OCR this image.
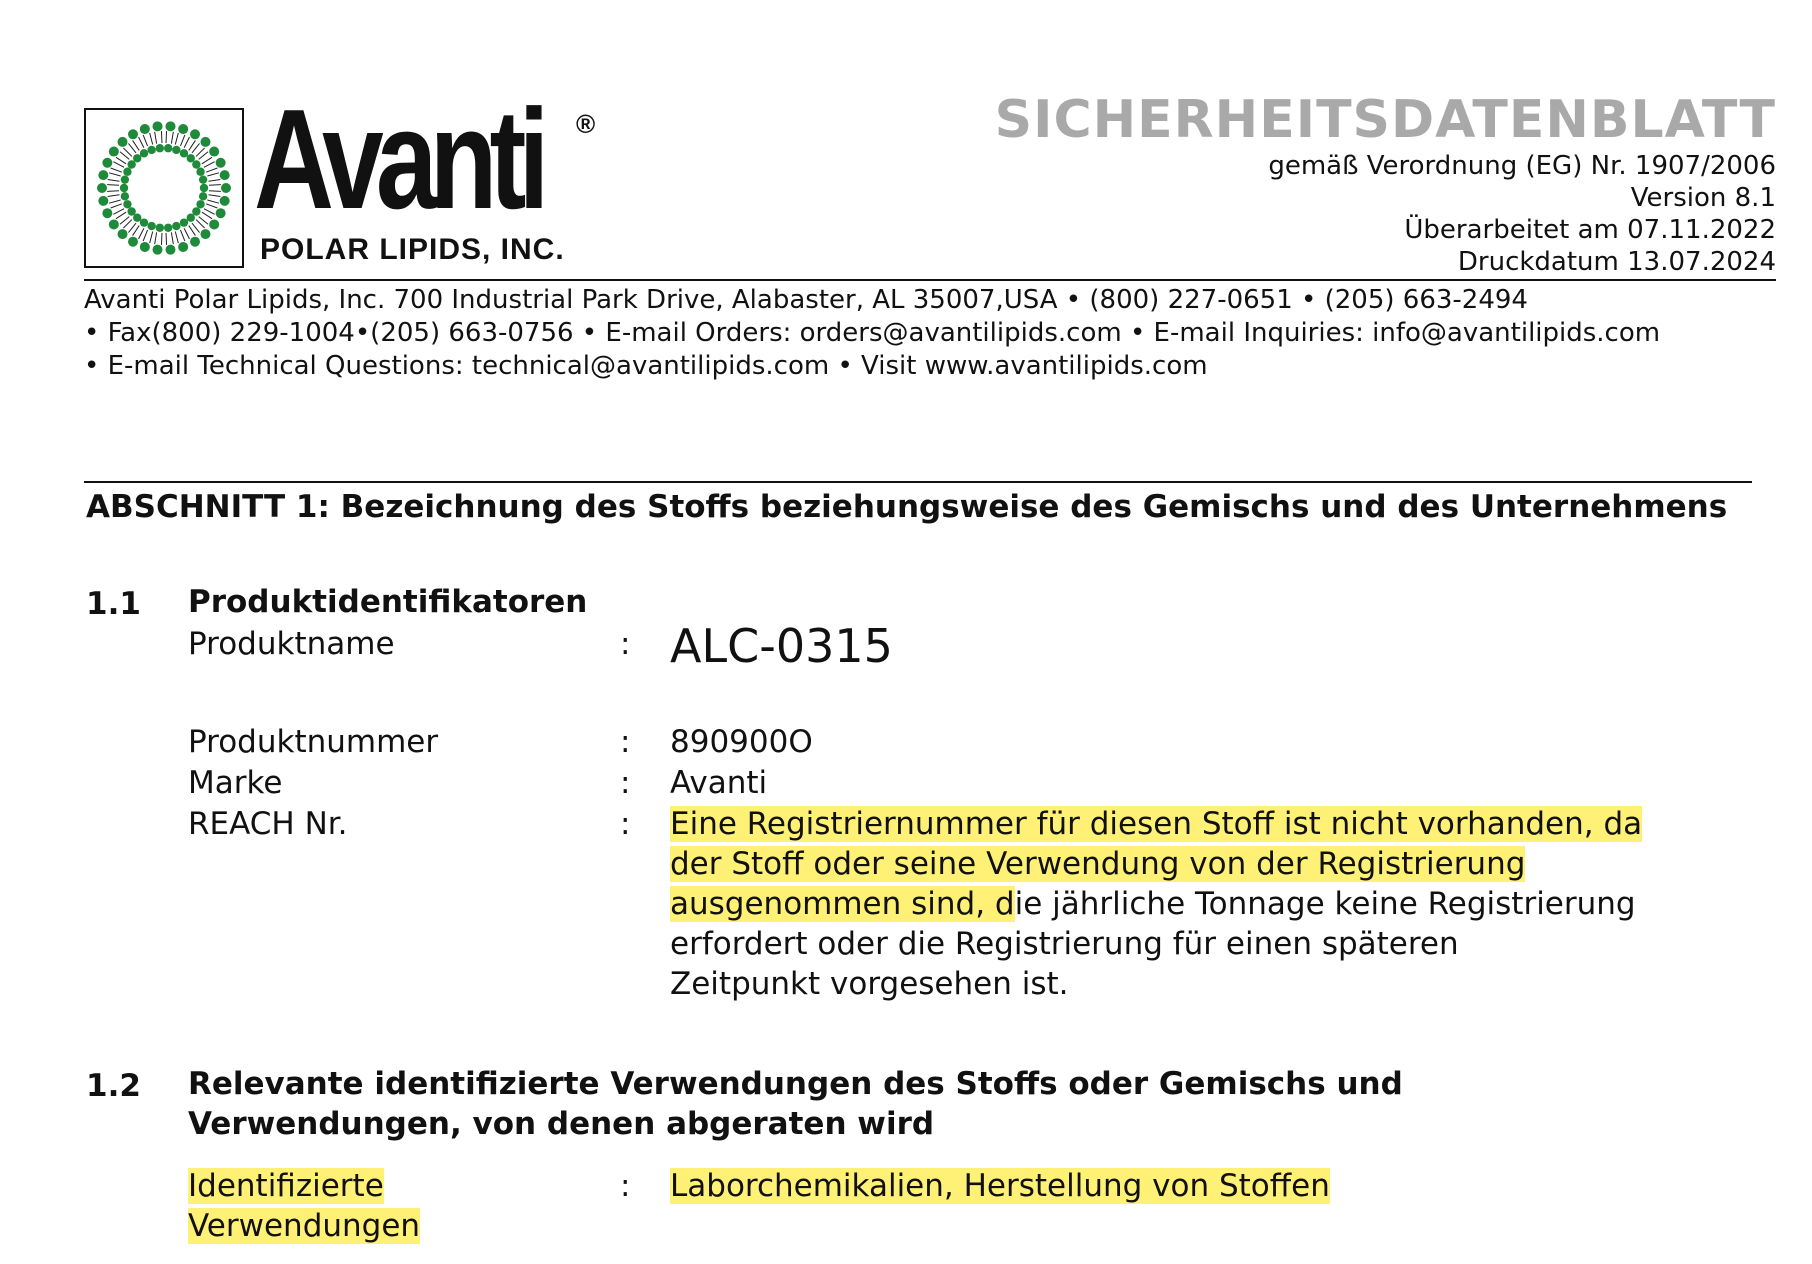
Avanti ®
POLAR LIPIDS, INC.
SICHERHEITSDATENBLATT
gemäß Verordnung (EG) Nr. 1907/2006
Version 8.1
Überarbeitet am 07.11.2022
Druckdatum 13.07.2024
Avanti Polar Lipids, Inc. 700 Industrial Park Drive, Alabaster, AL 35007,USA • (800) 227-0651 • (205) 663-2494
• Fax(800) 229-1004•(205) 663-0756 • E-mail Orders: orders@avantilipids.com • E-mail Inquiries: info@avantilipids.com
• E-mail Technical Questions: technical@avantilipids.com • Visit www.avantilipids.com
ABSCHNITT 1: Bezeichnung des Stoffs beziehungsweise des Gemischs und des Unternehmens
1.1 Produktidentifikatoren
Produktname	: ALC-0315
Produktnummer	: 890900O
Marke	: Avanti
REACH Nr.	: Eine Registriernummer für diesen Stoff ist nicht vorhanden, da
der Stoff oder seine Verwendung von der Registrierung
ausgenommen sind, die jährliche Tonnage keine Registrierung
erfordert oder die Registrierung für einen späteren
Zeitpunkt vorgesehen ist.
1.2 Relevante identifizierte Verwendungen des Stoffs oder Gemischs und
Verwendungen, von denen abgeraten wird
Identifizierte
Verwendungen
: Laborchemikalien, Herstellung von Stoffen
